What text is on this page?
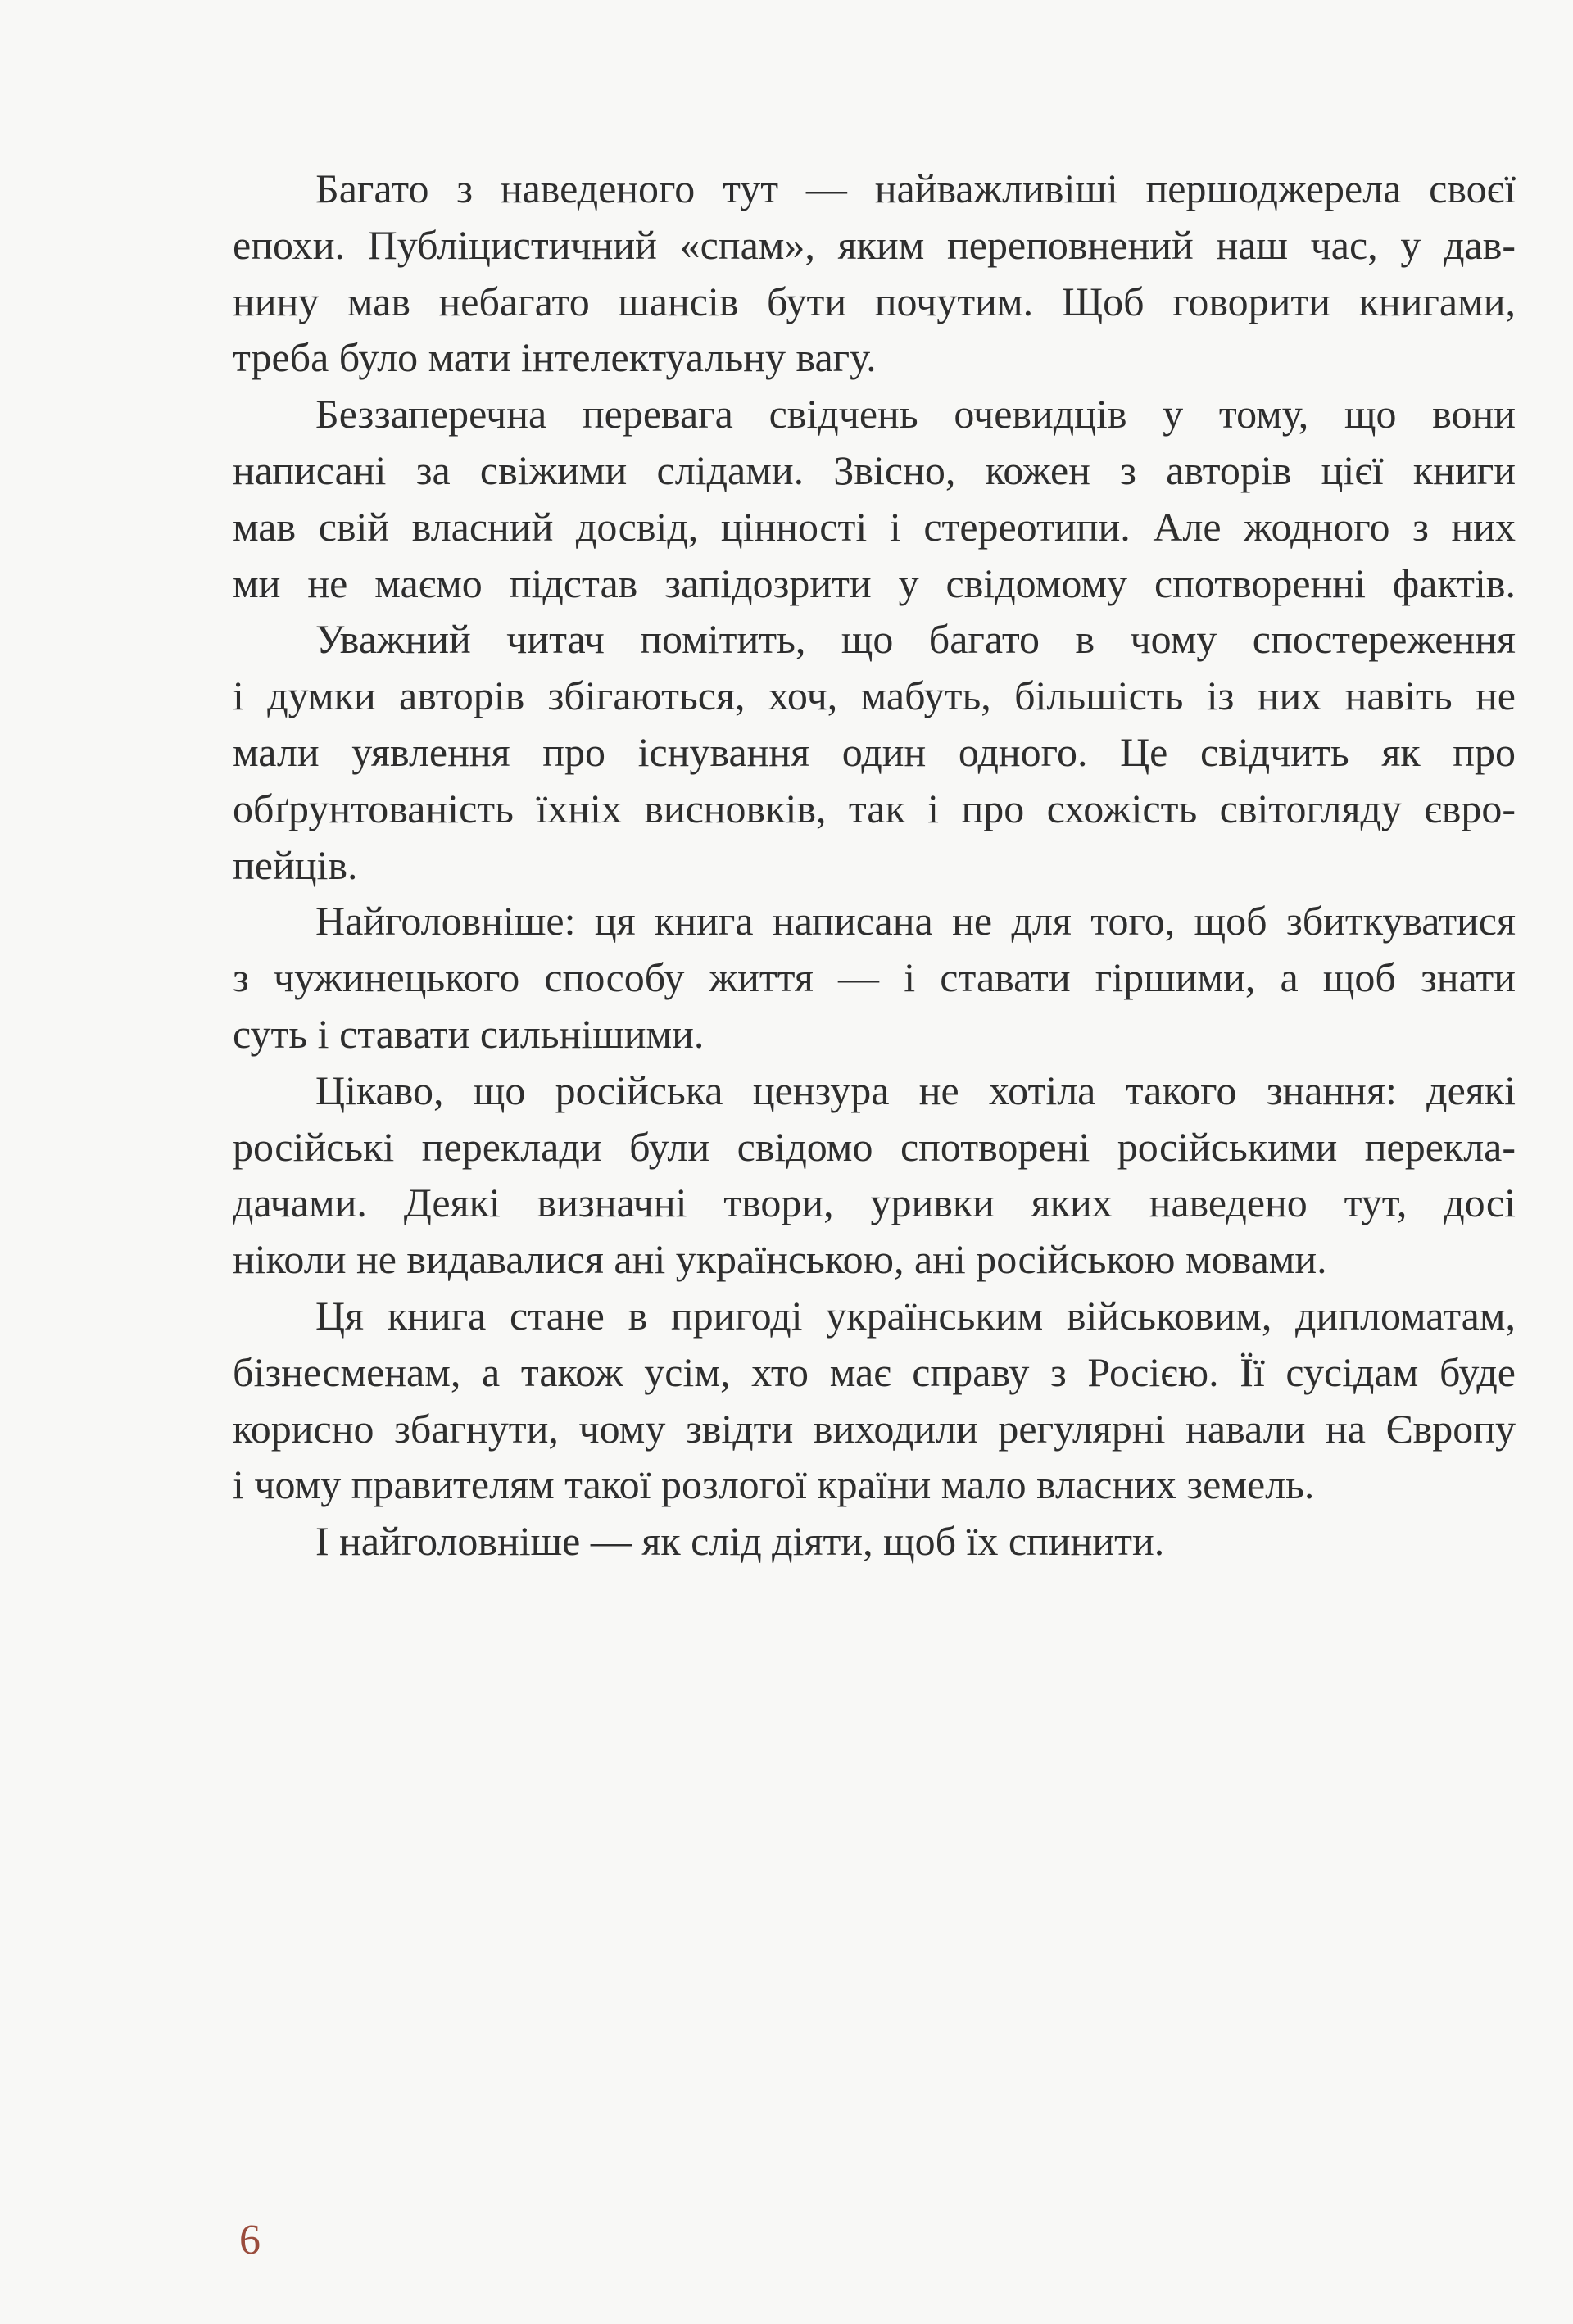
Багато з наведеного тут — найважливіші першоджерела своєї
епохи. Публіцистичний «спам», яким переповнений наш час, у дав-
нину мав небагато шансів бути почутим. Щоб говорити книгами,
треба було мати інтелектуальну вагу.

Беззаперечна перевага свідчень очевидців у тому, що вони
написані за свіжими слідами. Звісно, кожен з авторів цієї книги
мав свій власний досвід, цінності і стереотипи. Але жодного з них
ми не маємо підстав запідозрити у свідомому спотворенні фактів.

Уважний читач помітить, що багато в чому спостереження
і думки авторів збігаються, хоч, мабуть, більшість із них навіть не
мали уявлення про існування один одного. Це свідчить як про
обґрунтованість їхніх висновків, так і про схожість світогляду євро-
пейців.

Найголовніше: ця книга написана не для того, щоб збиткуватися
з чужинецького способу життя — і ставати гіршими, а щоб знати
суть і ставати сильнішими.

Цікаво, що російська цензура не хотіла такого знання: деякі
російські переклади були свідомо спотворені російськими перекла-
дачами. Деякі визначні твори, уривки яких наведено тут, досі
ніколи не видавалися ані українською, ані російською мовами.

Ця книга стане в пригоді українським військовим, дипломатам,
бізнесменам, а також усім, хто має справу з Росією. Її сусідам буде
корисно збагнути, чому звідти виходили регулярні навали на Європу
і чому правителям такої розлогої країни мало власних земель.

І найголовніше — як слід діяти, щоб їх спинити.

6
